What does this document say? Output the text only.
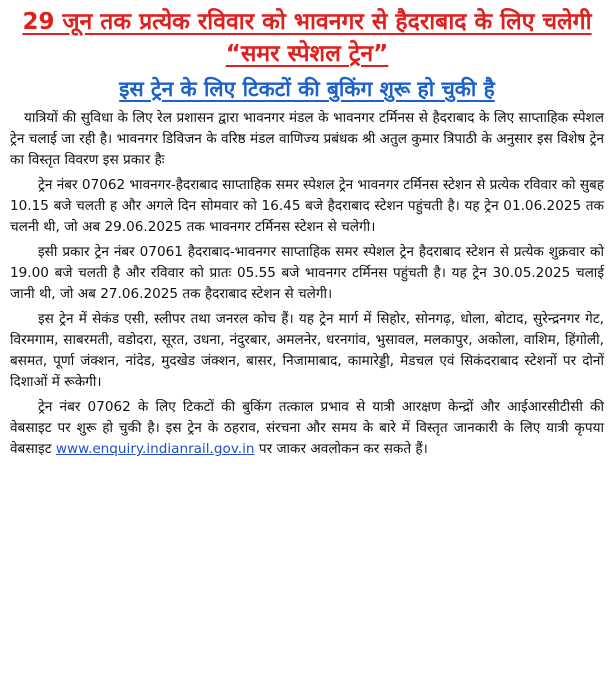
29 जून तक प्रत्येक रविवार को भावनगर से हैदराबाद के लिए चलेगी “समर स्पेशल ट्रेन”
इस ट्रेन के लिए टिकटों की बुकिंग शुरू हो चुकी है

यात्रियों की सुविधा के लिए रेल प्रशासन द्वारा भावनगर मंडल के भावनगर टर्मिनस से हैदराबाद के लिए साप्ताहिक स्पेशल ट्रेन चलाई जा रही है। भावनगर डिविजन के वरिष्ठ मंडल वाणिज्य प्रबंधक श्री अतुल कुमार त्रिपाठी के अनुसार इस विशेष ट्रेन का विस्तृत विवरण इस प्रकार हैः

ट्रेन नंबर 07062 भावनगर-हैदराबाद साप्ताहिक समर स्पेशल ट्रेन भावनगर टर्मिनस स्टेशन से प्रत्येक रविवार को सुबह 10.15 बजे चलती ह और अगले दिन सोमवार को 16.45 बजे हैदराबाद स्टेशन पहुंचती है। यह ट्रेन 01.06.2025 तक चलनी थी, जो अब 29.06.2025 तक भावनगर टर्मिनस स्टेशन से चलेगी।

इसी प्रकार ट्रेन नंबर 07061 हैदराबाद-भावनगर साप्ताहिक समर स्पेशल ट्रेन हैदराबाद स्टेशन से प्रत्येक शुक्रवार को 19.00 बजे चलती है और रविवार को प्रातः 05.55 बजे भावनगर टर्मिनस पहुंचती है। यह ट्रेन 30.05.2025 चलाई जानी थी, जो अब 27.06.2025 तक हैदराबाद स्टेशन से चलेगी।

इस ट्रेन में सेकंड एसी, स्लीपर तथा जनरल कोच हैं। यह ट्रेन मार्ग में सिहोर, सोनगढ़, धोला, बोटाद, सुरेन्द्रनगर गेट, विरमगाम, साबरमती, वडोदरा, सूरत, उधना, नंदुरबार, अमलनेर, धरनगांव, भुसावल, मलकापुर, अकोला, वाशिम, हिंगोली, बसमत, पूर्णा जंक्शन, नांदेड, मुदखेड जंक्शन, बासर, निजामाबाद, कामारेड्डी, मेडचल एवं सिकंदराबाद स्टेशनों पर दोनों दिशाओं में रूकेगी।

ट्रेन नंबर 07062 के लिए टिकटों की बुकिंग तत्काल प्रभाव से यात्री आरक्षण केन्द्रों और आईआरसीटीसी की वेबसाइट पर शुरू हो चुकी है। इस ट्रेन के ठहराव, संरचना और समय के बारे में विस्तृत जानकारी के लिए यात्री कृपया वेबसाइट www.enquiry.indianrail.gov.in पर जाकर अवलोकन कर सकते हैं।
